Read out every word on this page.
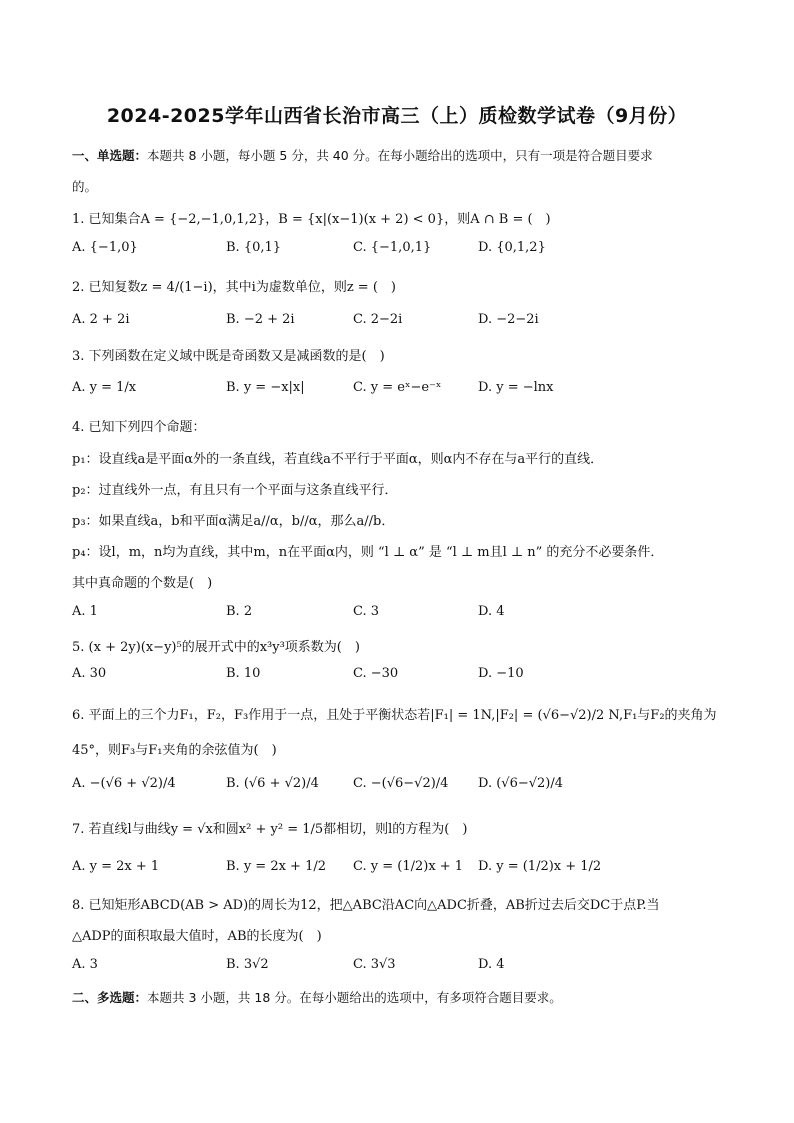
2024-2025学年山西省长治市高三（上）质检数学试卷（9月份）
一、单选题：本题共 8 小题，每小题 5 分，共 40 分。在每小题给出的选项中，只有一项是符合题目要求
的。
1. 已知集合A = {−2,−1,0,1,2}，B = {x|(x−1)(x + 2) < 0}，则A ∩ B = (　)
A. {−1,0}	B. {0,1}	C. {−1,0,1}	D. {0,1,2}
2. 已知复数z = 4/(1−i)，其中i为虚数单位，则z = (　)
A. 2 + 2i	B. −2 + 2i	C. 2−2i	D. −2−2i
3. 下列函数在定义域中既是奇函数又是减函数的是(　)
A. y = 1/x	B. y = −x|x|	C. y = eˣ−e⁻ˣ	D. y = −lnx
4. 已知下列四个命题：
p₁：设直线a是平面α外的一条直线，若直线a不平行于平面α，则α内不存在与a平行的直线．
p₂：过直线外一点，有且只有一个平面与这条直线平行．
p₃：如果直线a，b和平面α满足a//α，b//α，那么a//b．
p₄：设l，m，n均为直线，其中m，n在平面α内，则 “l ⊥ α” 是 “l ⊥ m且l ⊥ n” 的充分不必要条件．
其中真命题的个数是(　)
A. 1	B. 2	C. 3	D. 4
5. (x + 2y)(x−y)⁵的展开式中的x³y³项系数为(　)
A. 30	B. 10	C. −30	D. −10
6. 平面上的三个力F₁，F₂，F₃作用于一点，且处于平衡状态若|F₁| = 1N,|F₂| = (√6−√2)/2 N,F₁与F₂的夹角为
45°，则F₃与F₁夹角的余弦值为(　)
A. −(√6 + √2)/4	B. (√6 + √2)/4	C. −(√6−√2)/4 D. (√6−√2)/4
7. 若直线l与曲线y = √x和圆x² + y² = 1/5都相切，则l的方程为(　)
A. y = 2x + 1	B. y = 2x + 1/2 C. y = (1/2)x + 1 D. y = (1/2)x + 1/2
8. 已知矩形ABCD(AB > AD)的周长为12，把△ABC沿AC向△ADC折叠，AB折过去后交DC于点P.当
△ADP的面积取最大值时，AB的长度为(　)
A. 3	B. 3√2	C. 3√3	D. 4
二、多选题：本题共 3 小题，共 18 分。在每小题给出的选项中，有多项符合题目要求。
